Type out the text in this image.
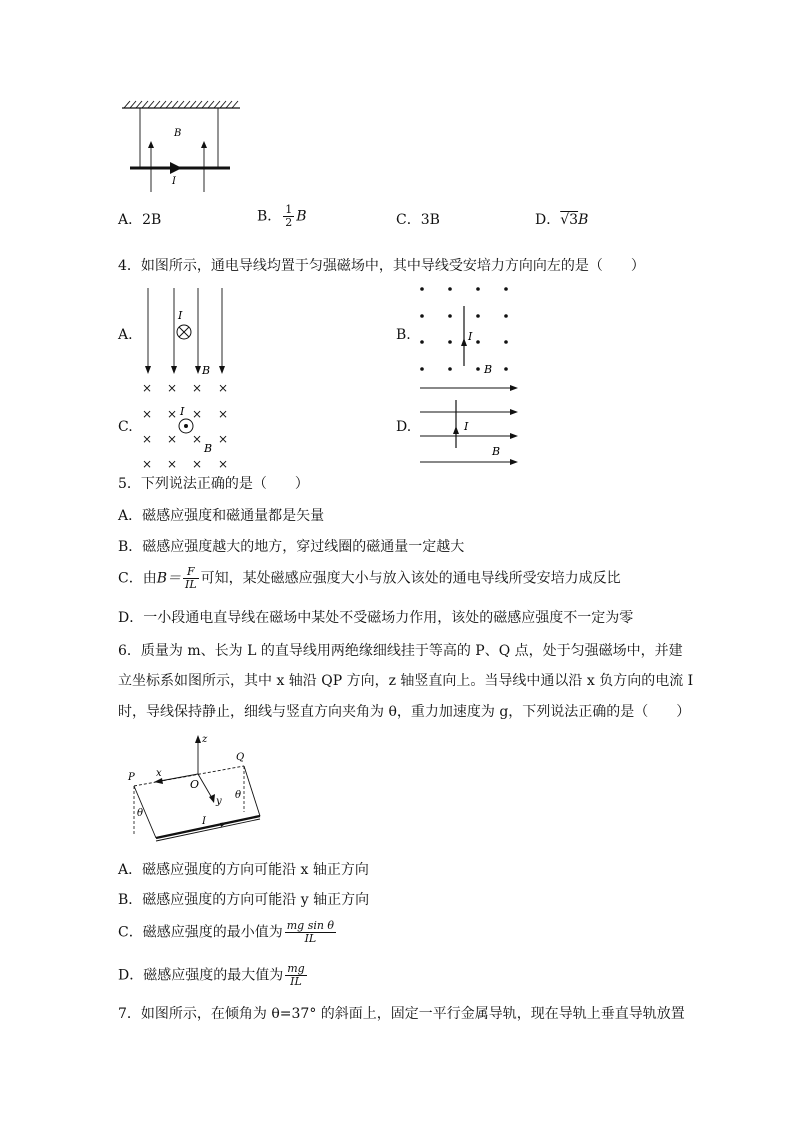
B
I
A．2B	B． $\frac{1}{2}$ B	C．3B	D．√3B
4．如图所示，通电导线均置于匀强磁场中，其中导线受安培力方向向左的是（　　）
A.
I
B
B.	I
B
C.
× × × ×
× × × ×
× × × ×
× × × ×
I
B
D.	I
B
5．下列说法正确的是（　　）
A．磁感应强度和磁通量都是矢量
B．磁感应强度越大的地方，穿过线圈的磁通量一定越大
C．由$B= \frac{F}{IL}$ 可知，某处磁感应强度大小与放入该处的通电导线所受安培力成反比
D．一小段通电直导线在磁场中某处不受磁场力作用，该处的磁感应强度不一定为零
6．质量为 m、长为 L 的直导线用两绝缘细线挂于等高的 P、Q 点，处于匀强磁场中，并建
立坐标系如图所示，其中 x 轴沿 QP 方向，z 轴竖直向上。当导线中通以沿 x 负方向的电流 I
时，导线保持静止，细线与竖直方向夹角为 θ，重力加速度为 g，下列说法正确的是（　　）
z
x
y
O
P
Q
I
θ
θ
A．磁感应强度的方向可能沿 x 轴正方向
B．磁感应强度的方向可能沿 y 轴正方向
C．磁感应强度的最小值为 $\frac{\text{mg sin θ}}{IL}$
D．磁感应强度的最大值为 $\frac{mg}{IL}$
7．如图所示，在倾角为 θ=37° 的斜面上，固定一平行金属导轨，现在导轨上垂直导轨放置
